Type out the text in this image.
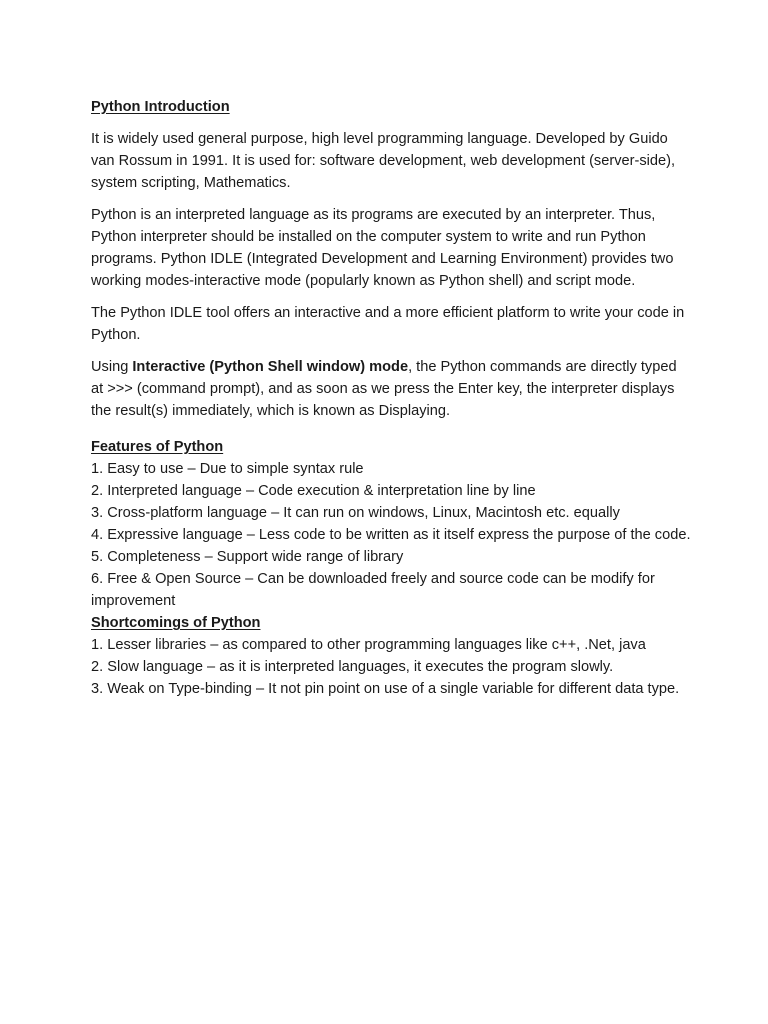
Python Introduction

It is widely used general purpose, high level programming language. Developed by Guido van Rossum in 1991. It is used for: software development, web development (server-side), system scripting, Mathematics.

Python is an interpreted language as its programs are executed by an interpreter. Thus, Python interpreter should be installed on the computer system to write and run Python programs. Python IDLE (Integrated Development and Learning Environment) provides two working modes-interactive mode (popularly known as Python shell) and script mode.

The Python IDLE tool offers an interactive and a more efficient platform to write your code in Python.

Using Interactive (Python Shell window) mode, the Python commands are directly typed at >>> (command prompt), and as soon as we press the Enter key, the interpreter displays the result(s) immediately, which is known as Displaying.

Features of Python

1. Easy to use – Due to simple syntax rule
2. Interpreted language – Code execution & interpretation line by line
3. Cross-platform language – It can run on windows, Linux, Macintosh etc. equally
4. Expressive language – Less code to be written as it itself express the purpose of the code.
5. Completeness – Support wide range of library
6. Free & Open Source – Can be downloaded freely and source code can be modify for improvement

Shortcomings of Python

1. Lesser libraries – as compared to other programming languages like c++, .Net, java
2. Slow language – as it is interpreted languages, it executes the program slowly.
3. Weak on Type-binding – It not pin point on use of a single variable for different data type.
